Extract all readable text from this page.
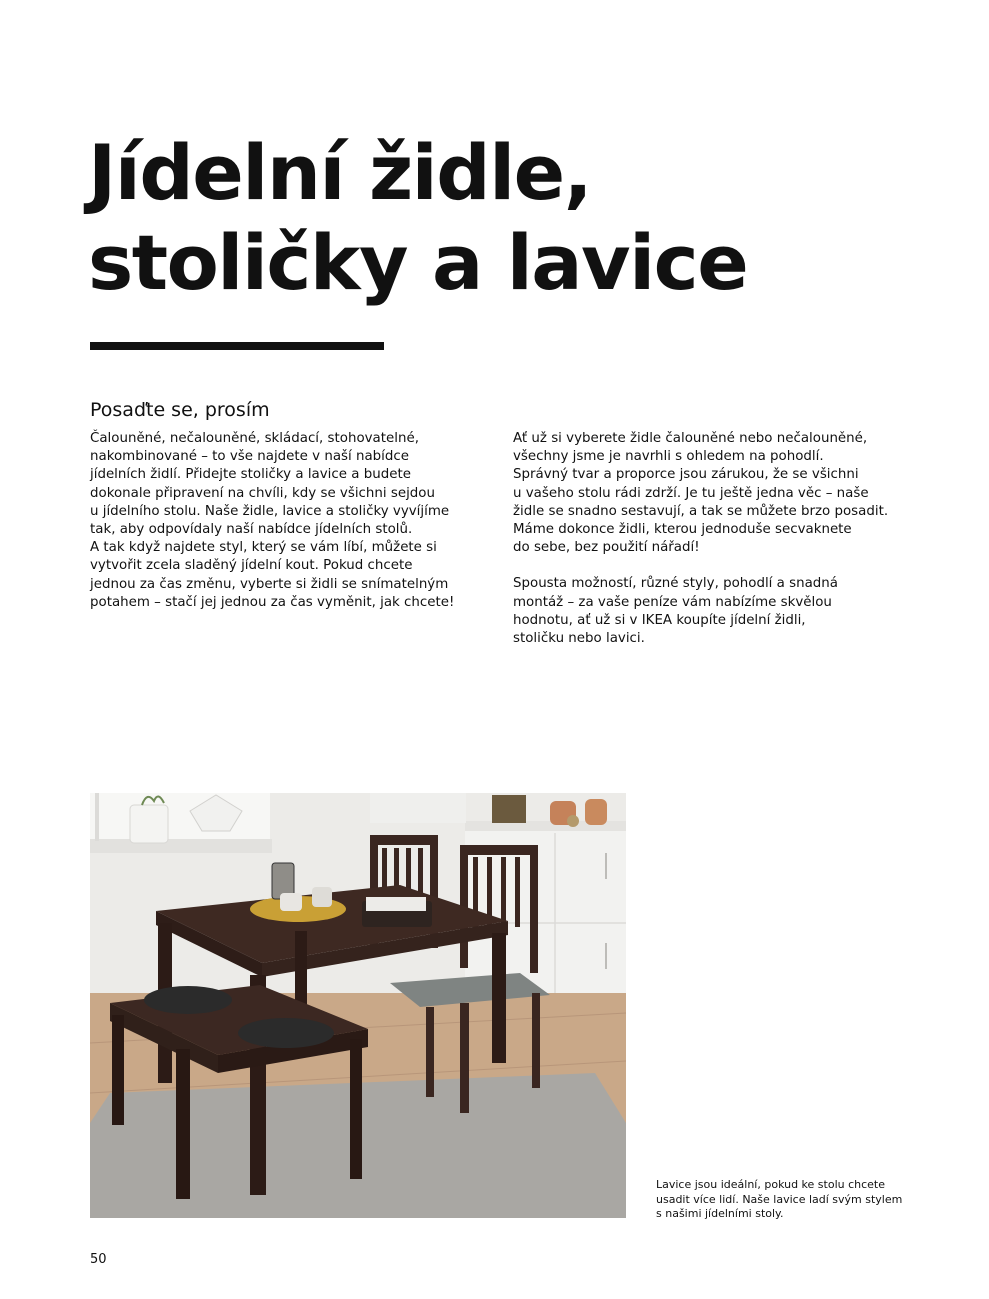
Jídelní židle,
stoličky a lavice
Posaďte se, prosím
Čalouněné, nečalouněné, skládací, stohovatelné,
nakombinované – to vše najdete v naší nabídce
jídelních židlí. Přidejte stoličky a lavice a budete
dokonale připravení na chvíli, kdy se všichni sejdou
u jídelního stolu. Naše židle, lavice a stoličky vyvíjíme
tak, aby odpovídaly naší nabídce jídelních stolů.
A tak když najdete styl, který se vám líbí, můžete si
vytvořit zcela sladěný jídelní kout. Pokud chcete
jednou za čas změnu, vyberte si židli se snímatelným
potahem – stačí jej jednou za čas vyměnit, jak chcete!
Ať už si vyberete židle čalouněné nebo nečalouněné,
všechny jsme je navrhli s ohledem na pohodlí.
Správný tvar a proporce jsou zárukou, že se všichni
u vašeho stolu rádi zdrží. Je tu ještě jedna věc – naše
židle se snadno sestavují, a tak se můžete brzo posadit.
Máme dokonce židli, kterou jednoduše secvaknete
do sebe, bez použití nářadí!
Spousta možností, různé styly, pohodlí a snadná
montáž – za vaše peníze vám nabízíme skvělou
hodnotu, ať už si v IKEA koupíte jídelní židli,
stoličku nebo lavici.
Lavice jsou ideální, pokud ke stolu chcete
usadit více lidí. Naše lavice ladí svým stylem
s našimi jídelními stoly.
50
